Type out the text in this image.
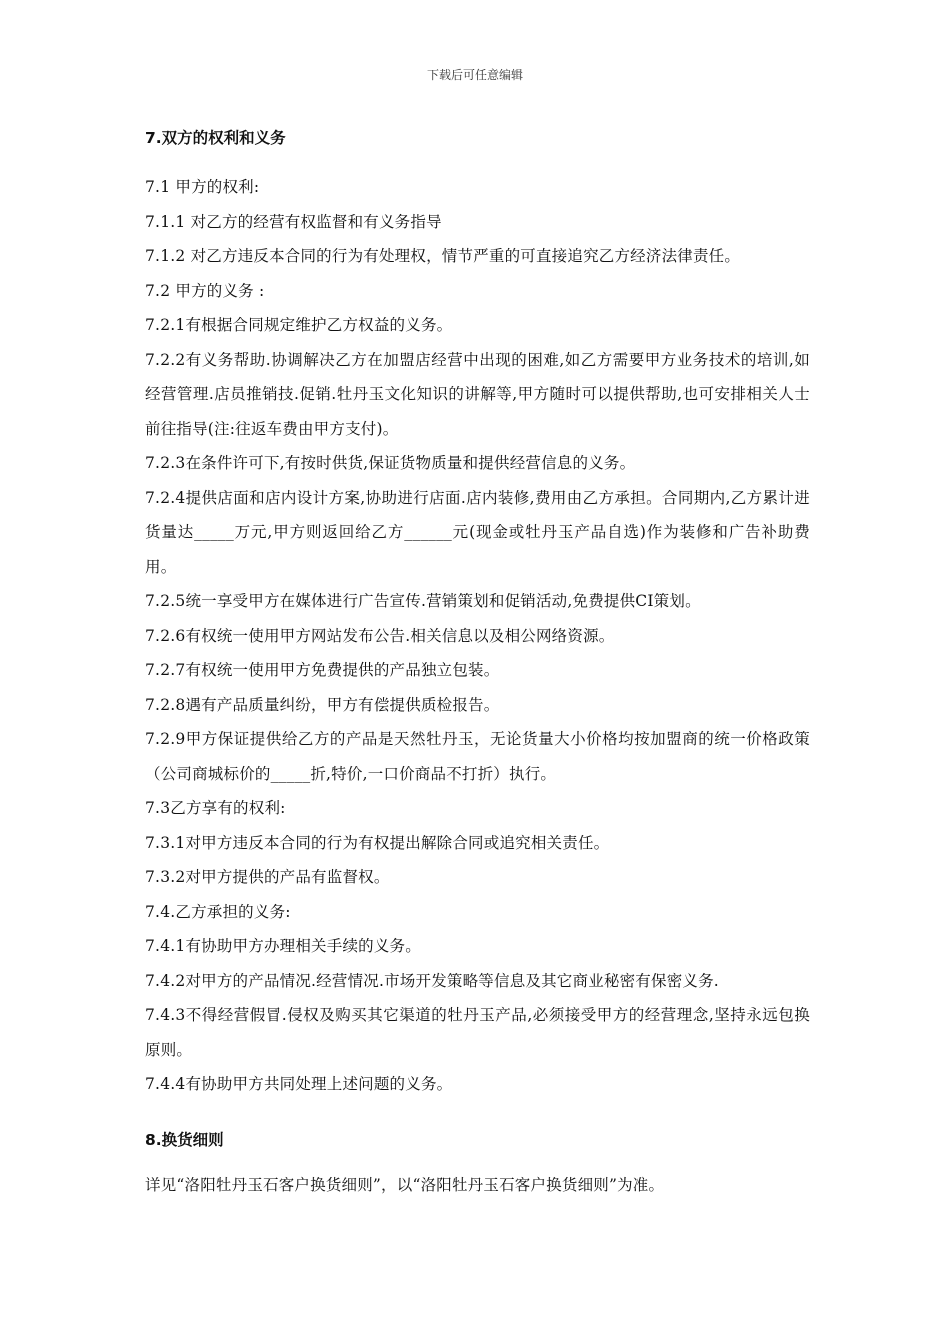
下载后可任意编辑
7.双方的权利和义务

7.1 甲方的权利:

7.1.1 对乙方的经营有权监督和有义务指导

7.1.2 对乙方违反本合同的行为有处理权，情节严重的可直接追究乙方经济法律责任。

7.2 甲方的义务 :

7.2.1有根据合同规定维护乙方权益的义务。

7.2.2有义务帮助.协调解决乙方在加盟店经营中出现的困难,如乙方需要甲方业务技术的培训,如经营管理.店员推销技.促销.牡丹玉文化知识的讲解等,甲方随时可以提供帮助,也可安排相关人士前往指导(注:往返车费由甲方支付)。

7.2.3在条件许可下,有按时供货,保证货物质量和提供经营信息的义务。

7.2.4提供店面和店内设计方案,协助进行店面.店内装修,费用由乙方承担。合同期内,乙方累计进货量达_____万元,甲方则返回给乙方______元(现金或牡丹玉产品自选)作为装修和广告补助费用。

7.2.5统一享受甲方在媒体进行广告宣传.营销策划和促销活动,免费提供CI策划。

7.2.6有权统一使用甲方网站发布公告.相关信息以及相公网络资源。

7.2.7有权统一使用甲方免费提供的产品独立包装。

7.2.8遇有产品质量纠纷，甲方有偿提供质检报告。

7.2.9甲方保证提供给乙方的产品是天然牡丹玉，无论货量大小价格均按加盟商的统一价格政策（公司商城标价的_____折,特价,一口价商品不打折）执行。

7.3乙方享有的权利:

7.3.1对甲方违反本合同的行为有权提出解除合同或追究相关责任。

7.3.2对甲方提供的产品有监督权。

7.4.乙方承担的义务:

7.4.1有协助甲方办理相关手续的义务。

7.4.2对甲方的产品情况.经营情况.市场开发策略等信息及其它商业秘密有保密义务.

7.4.3不得经营假冒.侵权及购买其它渠道的牡丹玉产品,必须接受甲方的经营理念,坚持永远包换原则。

7.4.4有协助甲方共同处理上述问题的义务。

8.换货细则

详见“洛阳牡丹玉石客户换货细则”，以“洛阳牡丹玉石客户换货细则”为准。
